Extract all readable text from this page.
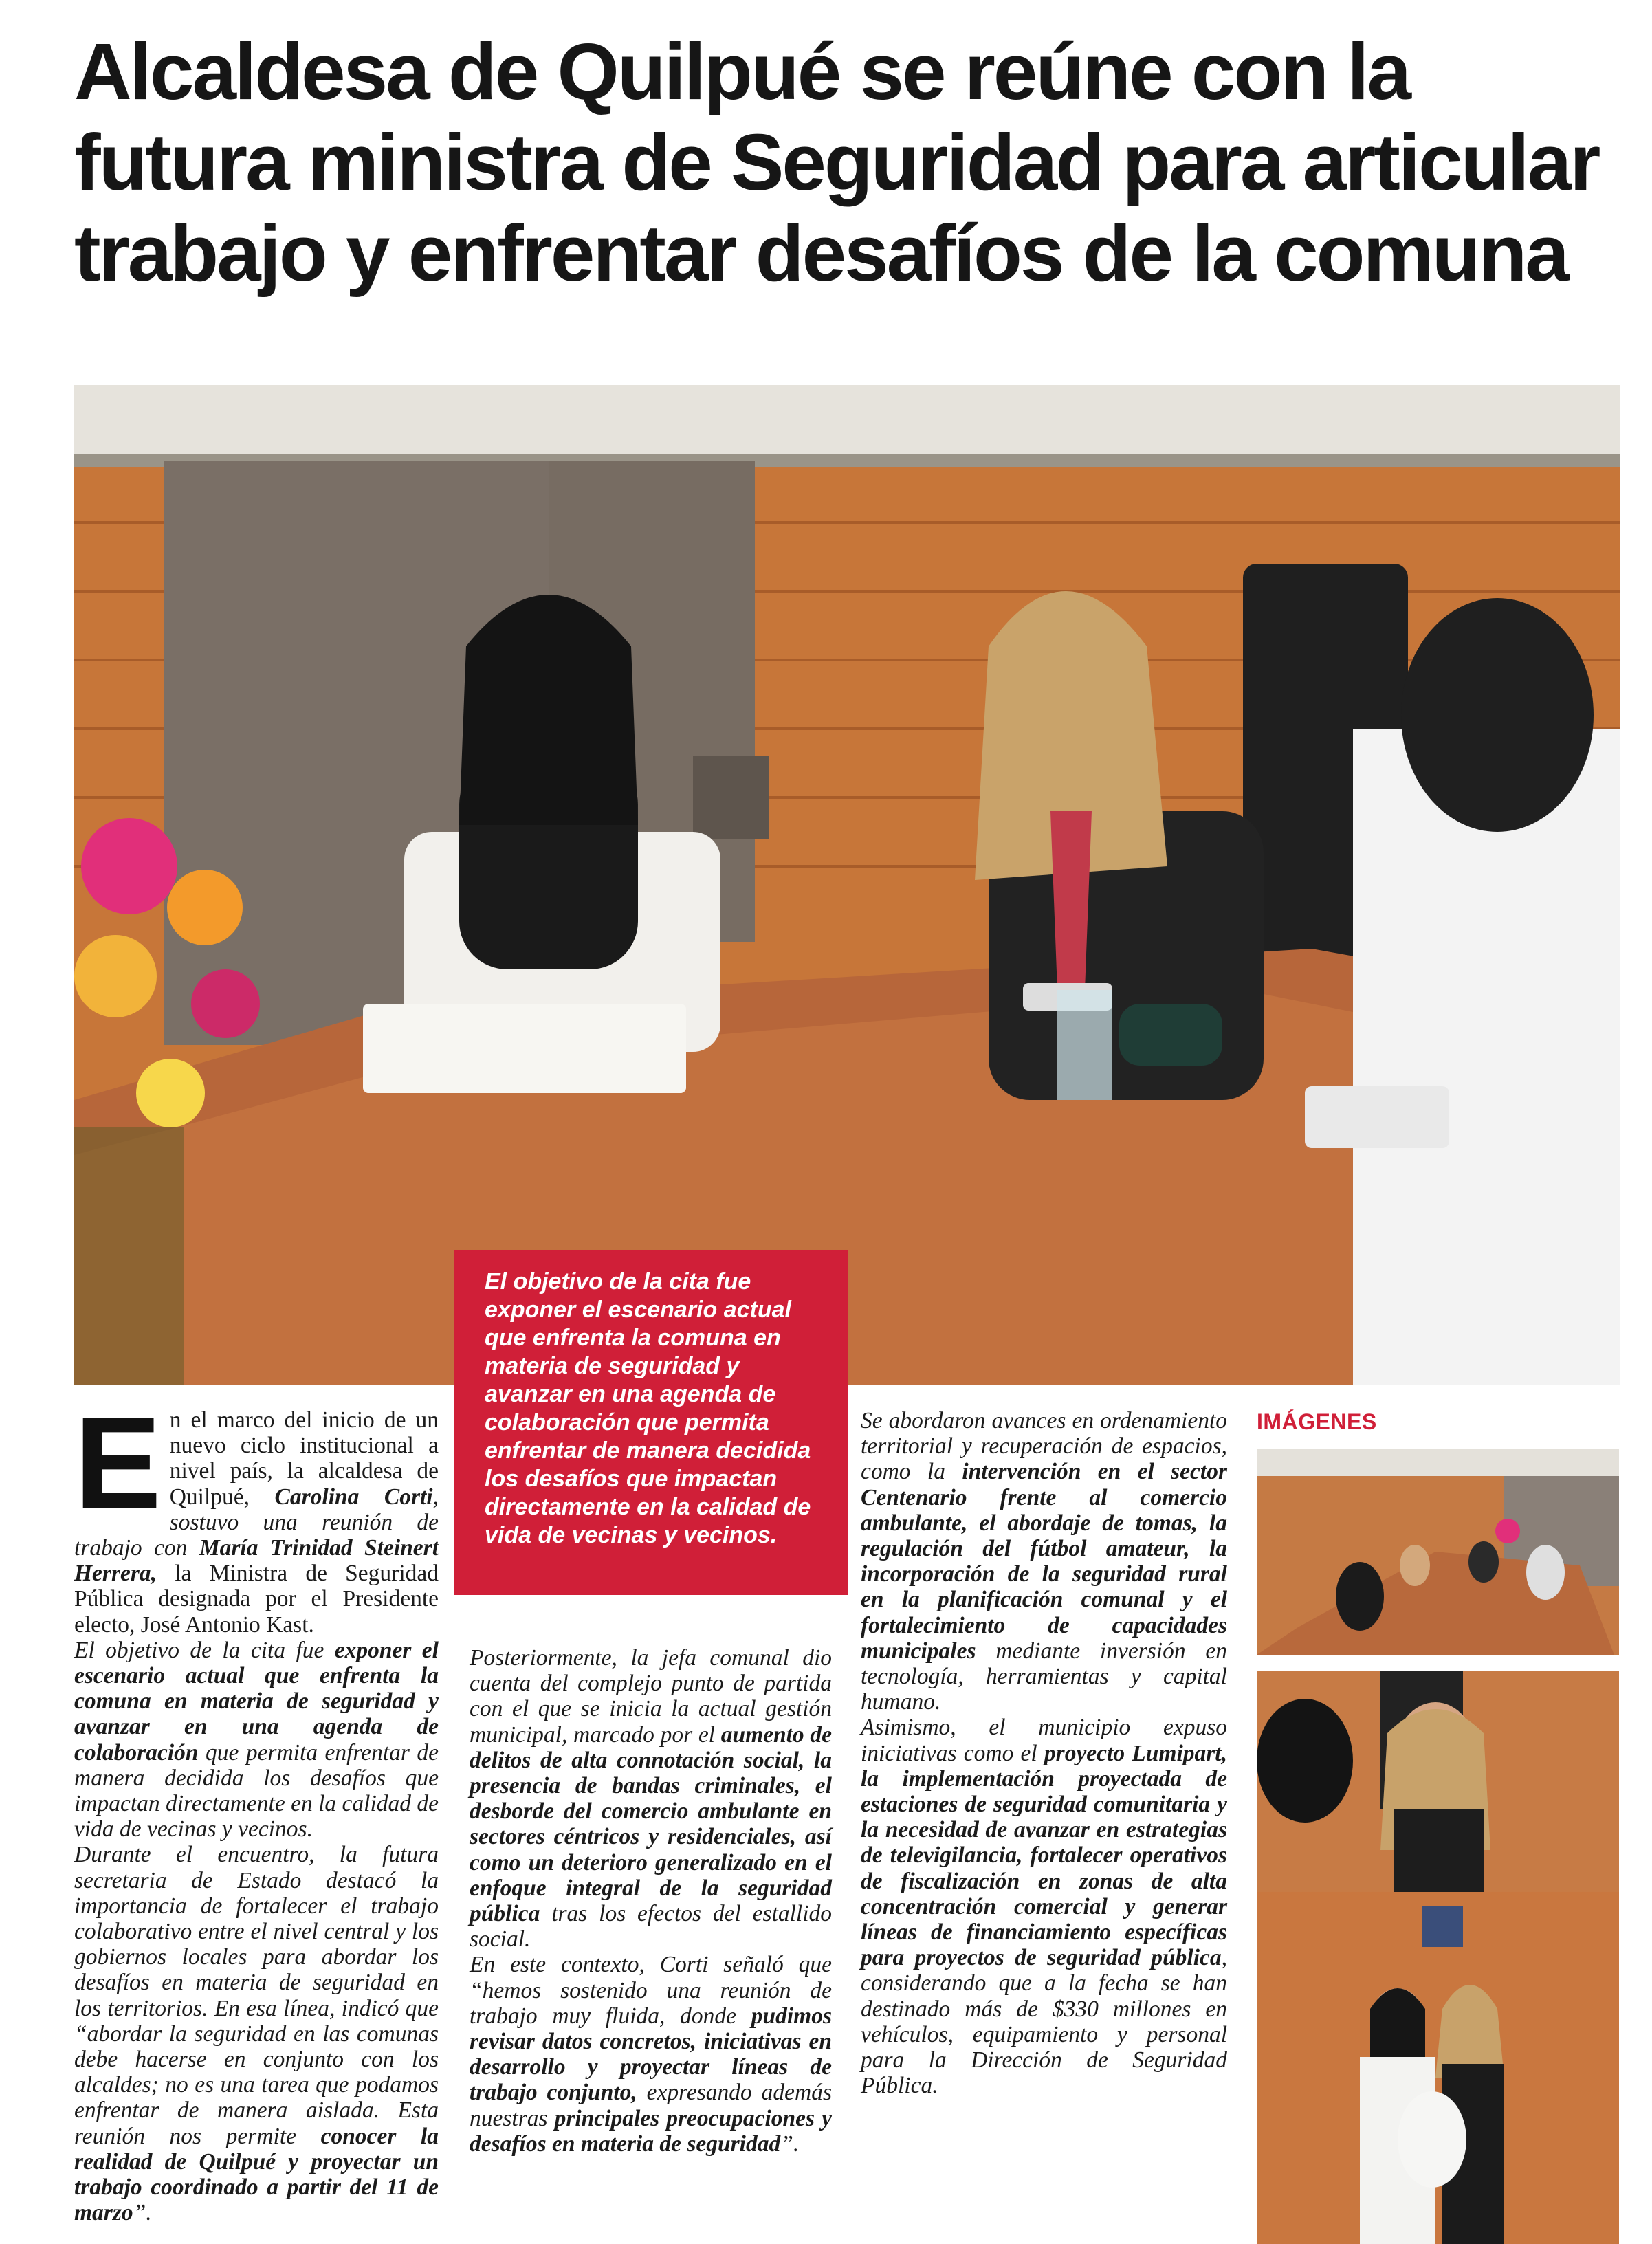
Alcaldesa de Quilpué se reúne con la futura ministra de Seguridad para articular trabajo y enfrentar desafíos de la comuna
El objetivo de la cita fue exponer el escenario actual que enfrenta la comuna en materia de seguridad y avanzar en una agenda de colaboración que permita enfrentar de manera decidida los desafíos que impactan directamente en la calidad de vida de vecinas y vecinos.

En el marco del inicio de un nuevo ciclo institucional a nivel país, la alcaldesa de Quilpué, Carolina Corti, sostuvo una reunión de trabajo con María Trinidad Steinert Herrera, la Ministra de Seguridad Pública designada por el Presidente electo, José Antonio Kast.

El objetivo de la cita fue exponer el escenario actual que enfrenta la comuna en materia de seguridad y avanzar en una agenda de colaboración que permita enfrentar de manera decidida los desafíos que impactan directamente en la calidad de vida de vecinas y vecinos.

Durante el encuentro, la futura secretaria de Estado destacó la importancia de fortalecer el trabajo colaborativo entre el nivel central y los gobiernos locales para abordar los desafíos en materia de seguridad en los territorios. En esa línea, indicó que “abordar la seguridad en las comunas debe hacerse en conjunto con los alcaldes; no es una tarea que podamos enfrentar de manera aislada. Esta reunión nos permite conocer la realidad de Quilpué y proyectar un trabajo coordinado a partir del 11 de marzo”.

Posteriormente, la jefa comunal dio cuenta del complejo punto de partida con el que se inicia la actual gestión municipal, marcado por el aumento de delitos de alta connotación social, la presencia de bandas criminales, el desborde del comercio ambulante en sectores céntricos y residenciales, así como un deterioro generalizado en el enfoque integral de la seguridad pública tras los efectos del estallido social.

En este contexto, Corti señaló que “hemos sostenido una reunión de trabajo muy fluida, donde pudimos revisar datos concretos, iniciativas en desarrollo y proyectar líneas de trabajo conjunto, expresando además nuestras principales preocupaciones y desafíos en materia de seguridad”.

Se abordaron avances en ordenamiento territorial y recuperación de espacios, como la intervención en el sector Centenario frente al comercio ambulante, el abordaje de tomas, la regulación del fútbol amateur, la incorporación de la seguridad rural en la planificación comunal y el fortalecimiento de capacidades municipales mediante inversión en tecnología, herramientas y capital humano.

Asimismo, el municipio expuso iniciativas como el proyecto Lumipart, la implementación proyectada de estaciones de seguridad comunitaria y la necesidad de avanzar en estrategias de televigilancia, fortalecer operativos de fiscalización en zonas de alta concentración comercial y generar líneas de financiamiento específicas para proyectos de seguridad pública, considerando que a la fecha se han destinado más de $330 millones en vehículos, equipamiento y personal para la Dirección de Seguridad Pública.

IMÁGENES
